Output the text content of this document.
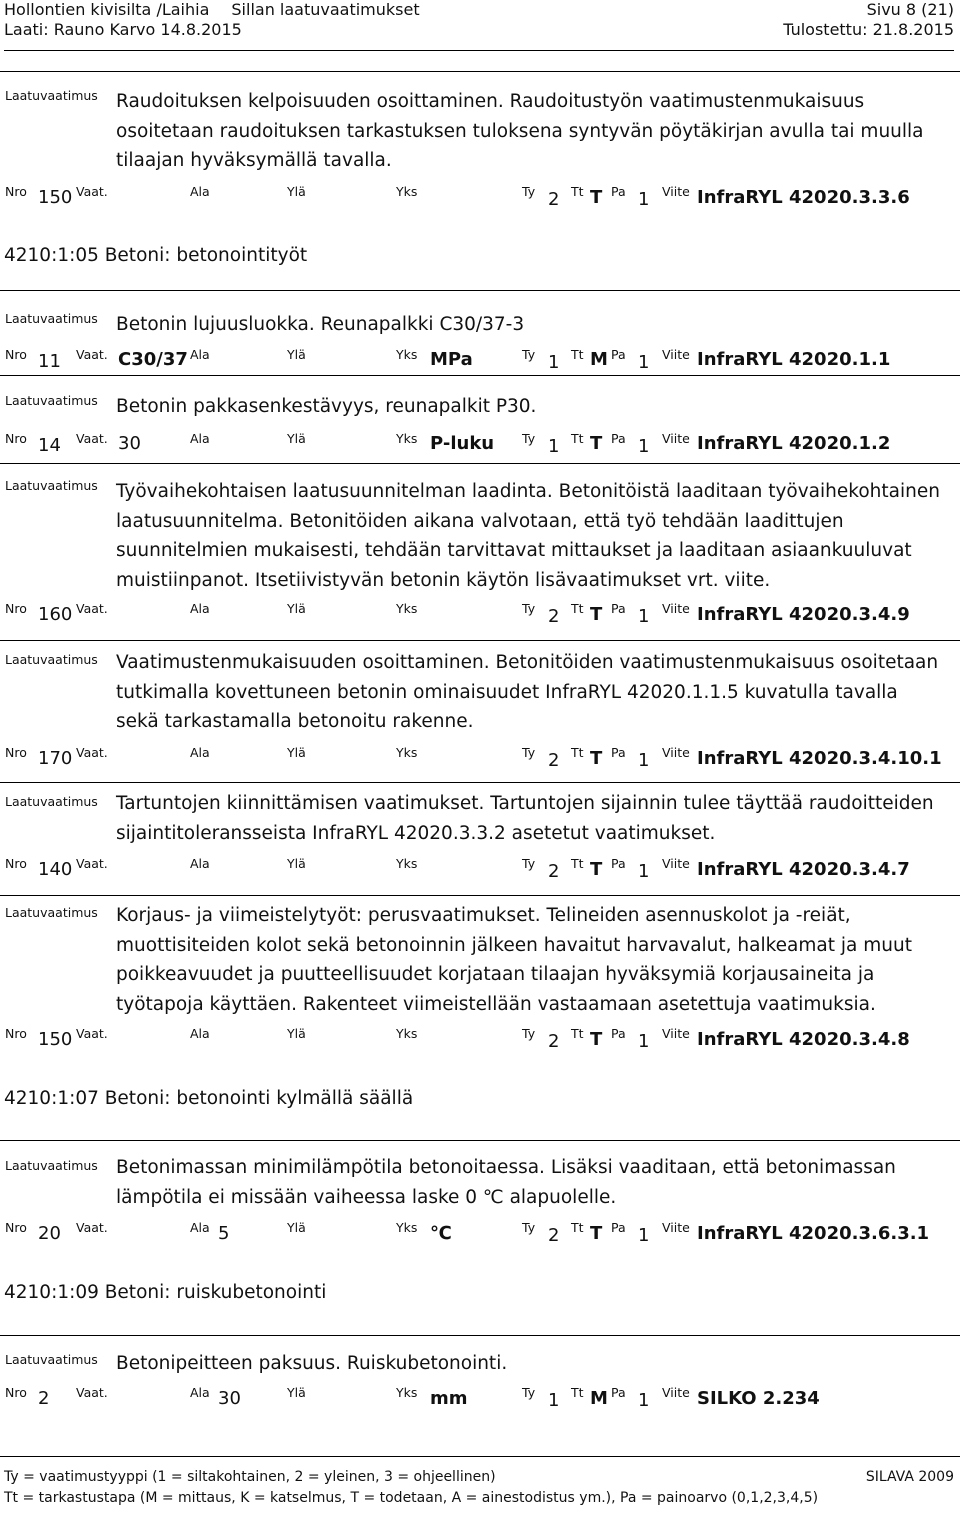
Hollontien kivisilta /Laihia Sillan laatuvaatimukset	Sivu 8 (21)
Laati: Rauno Karvo 14.8.2015	Tulostettu: 21.8.2015
Laatuvaatimus Raudoituksen kelpoisuuden osoittaminen. Raudoitustyön vaatimustenmukaisuus osoitetaan raudoituksen tarkastuksen tuloksena syntyvän pöytäkirjan avulla tai muulla tilaajan hyväksymällä tavalla.
Nro 150 Vaat.	Ala	Ylä	Yks	Ty 2 Tt T Pa 1 Viite InfraRYL 42020.3.3.6
4210:1:05 Betoni: betonointityöt
Laatuvaatimus Betonin lujuusluokka. Reunapalkki C30/37-3
Nro 11 Vaat. C30/37 Ala	Ylä	Yks MPa	Ty 1 Tt M Pa 1 Viite InfraRYL 42020.1.1
Laatuvaatimus Betonin pakkasenkestävyys, reunapalkit P30.
Nro 14 Vaat. 30	Ala	Ylä	Yks P-luku Ty 1 Tt T Pa 1 Viite InfraRYL 42020.1.2
Laatuvaatimus Työvaihekohtaisen laatusuunnitelman laadinta. Betonitöistä laaditaan työvaihekohtainen laatusuunnitelma. Betonitöiden aikana valvotaan, että työ tehdään laadittujen suunnitelmien mukaisesti, tehdään tarvittavat mittaukset ja laaditaan asiaankuuluvat muistiinpanot. Itsetiivistyvän betonin käytön lisävaatimukset vrt. viite.
Nro 160 Vaat.	Ala	Ylä	Yks	Ty 2 Tt T Pa 1 Viite InfraRYL 42020.3.4.9
Laatuvaatimus Vaatimustenmukaisuuden osoittaminen. Betonitöiden vaatimustenmukaisuus osoitetaan tutkimalla kovettuneen betonin ominaisuudet InfraRYL 42020.1.1.5 kuvatulla tavalla sekä tarkastamalla betonoitu rakenne.
Nro 170 Vaat.	Ala	Ylä	Yks	Ty 2 Tt T Pa 1 Viite InfraRYL 42020.3.4.10.1
Laatuvaatimus Tartuntojen kiinnittämisen vaatimukset. Tartuntojen sijainnin tulee täyttää raudoitteiden sijaintitoleransseista InfraRYL 42020.3.3.2 asetetut vaatimukset.
Nro 140 Vaat.	Ala	Ylä	Yks	Ty 2 Tt T Pa 1 Viite InfraRYL 42020.3.4.7
Laatuvaatimus Korjaus- ja viimeistelytyöt: perusvaatimukset. Telineiden asennuskolot ja -reiät, muottisiteiden kolot sekä betonoinnin jälkeen havaitut harvavalut, halkeamat ja muut poikkeavuudet ja puutteellisuudet korjataan tilaajan hyväksymiä korjausaineita ja työtapoja käyttäen. Rakenteet viimeistellään vastaamaan asetettuja vaatimuksia.
Nro 150 Vaat.	Ala	Ylä	Yks	Ty 2 Tt T Pa 1 Viite InfraRYL 42020.3.4.8
4210:1:07 Betoni: betonointi kylmällä säällä
Laatuvaatimus Betonimassan minimilämpötila betonoitaessa. Lisäksi vaaditaan, että betonimassan lämpötila ei missään vaiheessa laske 0 ℃ alapuolelle.
Nro 20 Vaat.	Ala 5	Ylä	Yks ℃	Ty 2 Tt T Pa 1 Viite InfraRYL 42020.3.6.3.1
4210:1:09 Betoni: ruiskubetonointi
Laatuvaatimus Betonipeitteen paksuus. Ruiskubetonointi.
Nro 2 Vaat.	Ala 30	Ylä	Yks mm	Ty 1 Tt M Pa 1 Viite SILKO 2.234
Ty = vaatimustyyppi (1 = siltakohtainen, 2 = yleinen, 3 = ohjeellinen)	SILAVA 2009
Tt = tarkastustapa (M = mittaus, K = katselmus, T = todetaan, A = ainestodistus ym.), Pa = painoarvo (0,1,2,3,4,5)
